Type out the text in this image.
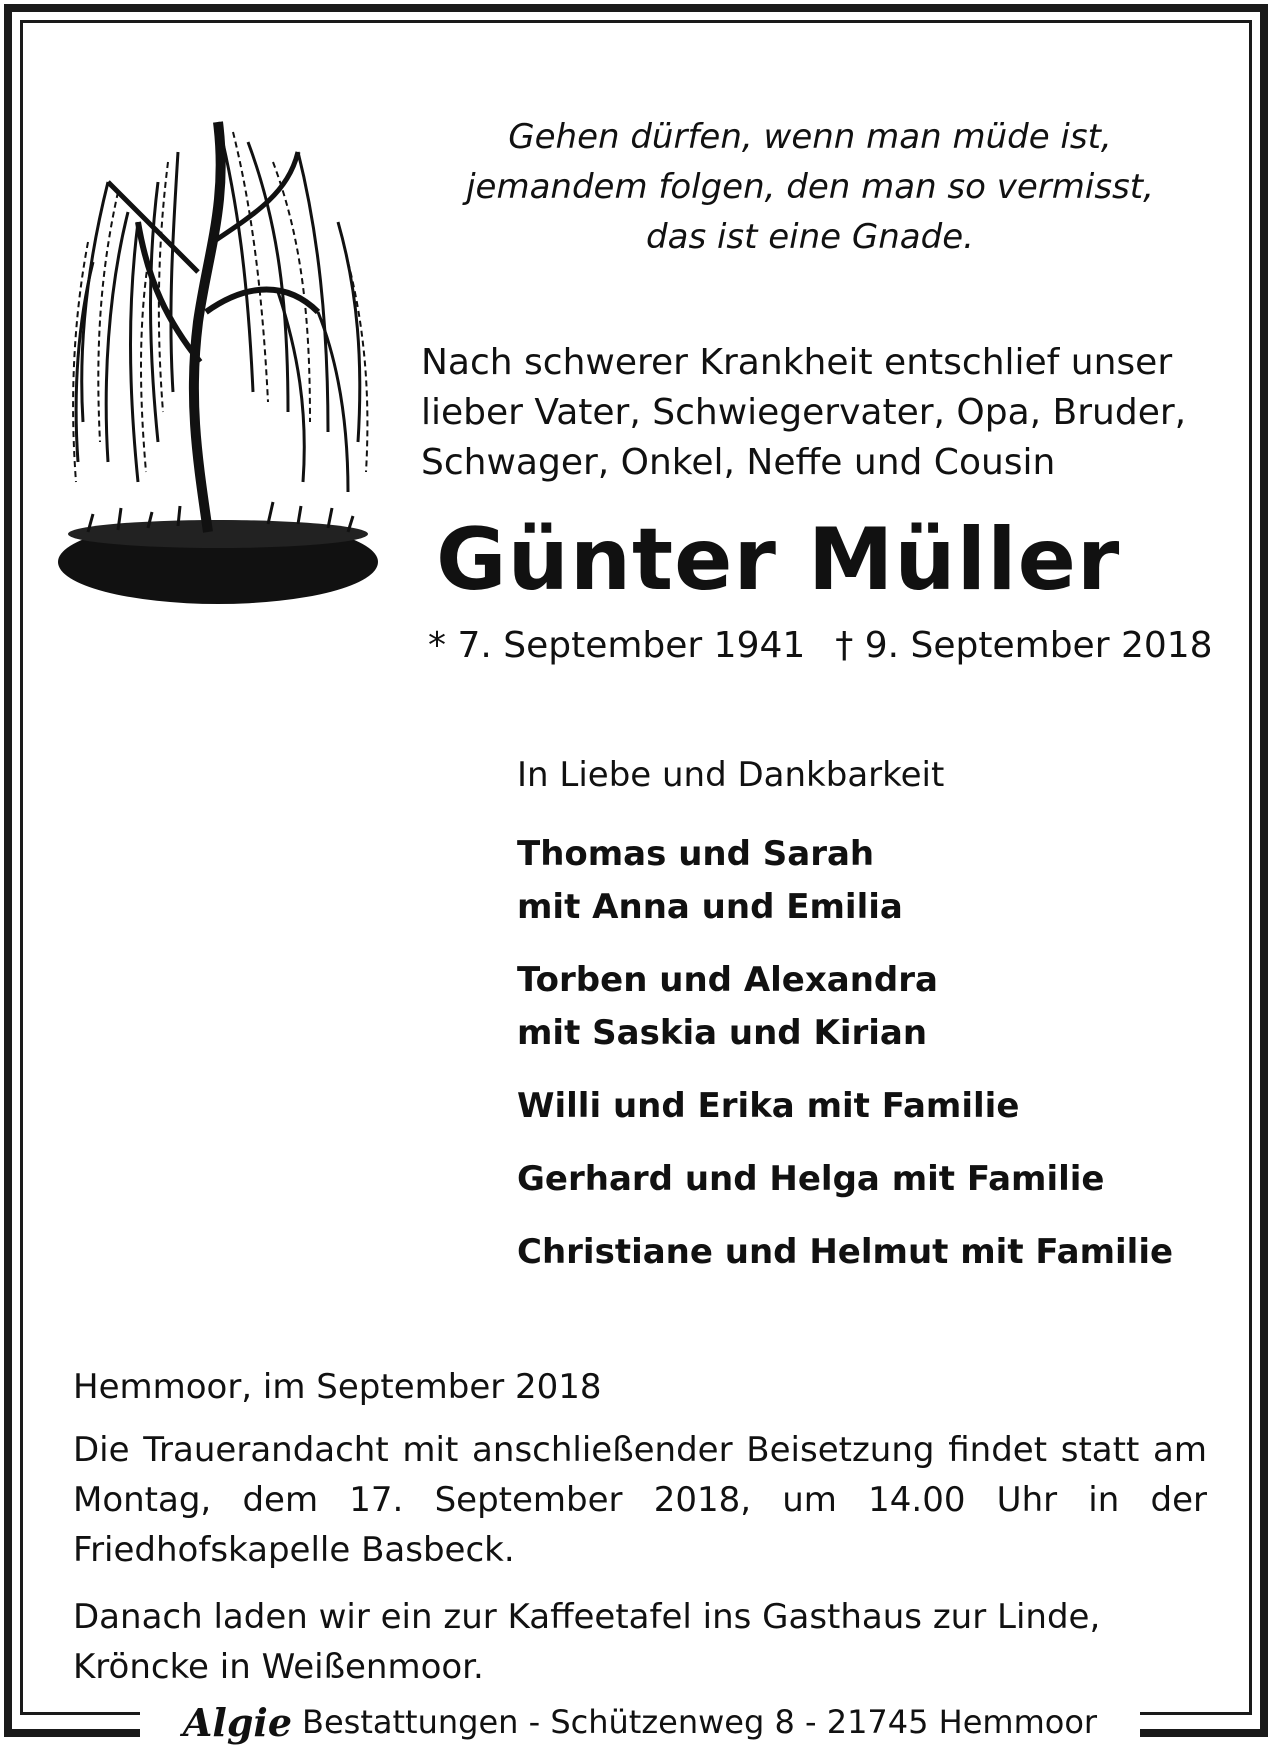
Gehen dürfen, wenn man müde ist,
jemandem folgen, den man so vermisst,
das ist eine Gnade.
Nach schwerer Krankheit entschlief unser
lieber Vater, Schwiegervater, Opa, Bruder,
Schwager, Onkel, Neffe und Cousin
Günter Müller
* 7. September 1941 † 9. September 2018
In Liebe und Dankbarkeit
Thomas und Sarah
mit Anna und Emilia
Torben und Alexandra
mit Saskia und Kirian
Willi und Erika mit Familie
Gerhard und Helga mit Familie
Christiane und Helmut mit Familie
Hemmoor, im September 2018
Die Trauerandacht mit anschließender Beisetzung findet statt am Montag, dem 17. September 2018, um 14.00 Uhr in der Friedhofskapelle Basbeck.
Danach laden wir ein zur Kaffeetafel ins Gasthaus zur Linde, Kröncke in Weißenmoor.
Algie Bestattungen - Schützenweg 8 - 21745 Hemmoor
